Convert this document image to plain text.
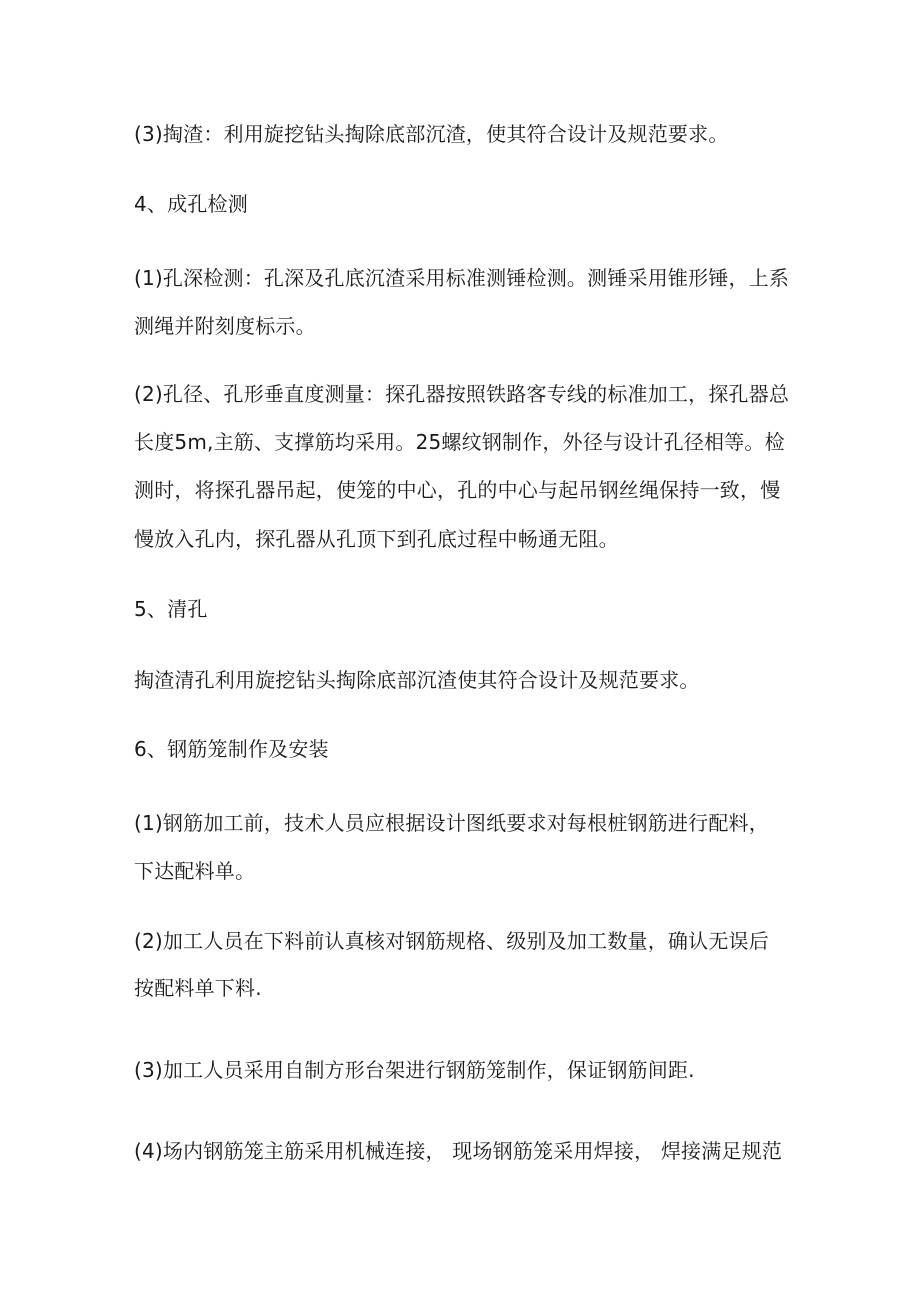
(3)掏渣：利用旋挖钻头掏除底部沉渣，使其符合设计及规范要求。
4、成孔检测
(1)孔深检测：孔深及孔底沉渣采用标准测锤检测。测锤采用锥形锤，上系
测绳并附刻度标示。
(2)孔径、孔形垂直度测量：探孔器按照铁路客专线的标准加工，探孔器总
长度5m,主筋、支撑筋均采用。25螺纹钢制作，外径与设计孔径相等。检
测时，将探孔器吊起，使笼的中心，孔的中心与起吊钢丝绳保持一致，慢
慢放入孔内，探孔器从孔顶下到孔底过程中畅通无阻。
5、清孔
掏渣清孔利用旋挖钻头掏除底部沉渣使其符合设计及规范要求。
6、钢筋笼制作及安装
(1)钢筋加工前，技术人员应根据设计图纸要求对每根桩钢筋进行配料，
下达配料单。
(2)加工人员在下料前认真核对钢筋规格、级别及加工数量，确认无误后
按配料单下料.
(3)加工人员采用自制方形台架进行钢筋笼制作，保证钢筋间距.
(4)场内钢筋笼主筋采用机械连接， 现场钢筋笼采用焊接， 焊接满足规范
